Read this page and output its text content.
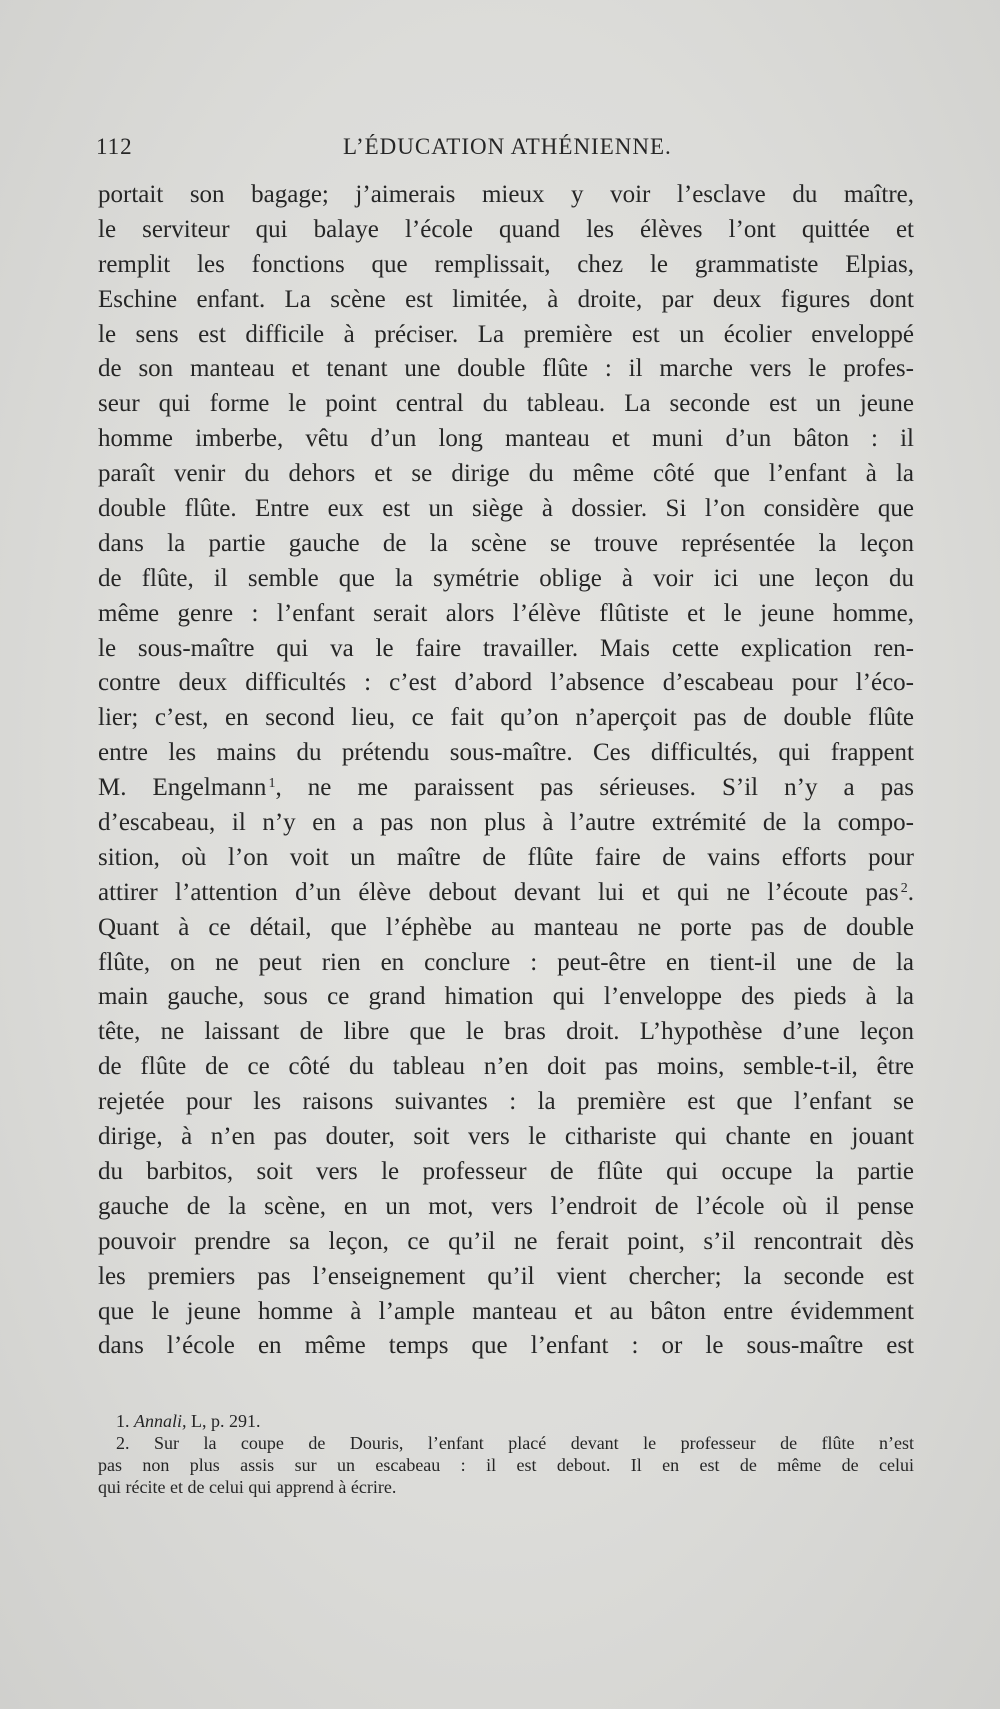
112	L’ÉDUCATION ATHÉNIENNE.
portait son bagage; j’aimerais mieux y voir l’esclave du maître,
le serviteur qui balaye l’école quand les élèves l’ont quittée et
remplit les fonctions que remplissait, chez le grammatiste Elpias,
Eschine enfant. La scène est limitée, à droite, par deux figures dont
le sens est difficile à préciser. La première est un écolier enveloppé
de son manteau et tenant une double flûte : il marche vers le profes-
seur qui forme le point central du tableau. La seconde est un jeune
homme imberbe, vêtu d’un long manteau et muni d’un bâton : il
paraît venir du dehors et se dirige du même côté que l’enfant à la
double flûte. Entre eux est un siège à dossier. Si l’on considère que
dans la partie gauche de la scène se trouve représentée la leçon
de flûte, il semble que la symétrie oblige à voir ici une leçon du
même genre : l’enfant serait alors l’élève flûtiste et le jeune homme,
le sous-maître qui va le faire travailler. Mais cette explication ren-
contre deux difficultés : c’est d’abord l’absence d’escabeau pour l’éco-
lier; c’est, en second lieu, ce fait qu’on n’aperçoit pas de double flûte
entre les mains du prétendu sous-maître. Ces difficultés, qui frappent
M. Engelmann  $^1$, ne me paraissent pas sérieuses. S’il n’y a pas
d’escabeau, il n’y en a pas non plus à l’autre extrémité de la compo-
sition, où l’on voit un maître de flûte faire de vains efforts pour
attirer l’attention d’un élève debout devant lui et qui ne l’écoute pas  $^2$.
Quant à ce détail, que l’éphèbe au manteau ne porte pas de double
flûte, on ne peut rien en conclure : peut-être en tient-il une de la
main gauche, sous ce grand himation qui l’enveloppe des pieds à la
tête, ne laissant de libre que le bras droit. L’hypothèse d’une leçon
de flûte de ce côté du tableau n’en doit pas moins, semble-t-il, être
rejetée pour les raisons suivantes : la première est que l’enfant se
dirige, à n’en pas douter, soit vers le cithariste qui chante en jouant
du barbitos, soit vers le professeur de flûte qui occupe la partie
gauche de la scène, en un mot, vers l’endroit de l’école où il pense
pouvoir prendre sa leçon, ce qu’il ne ferait point, s’il rencontrait dès
les premiers pas l’enseignement qu’il vient chercher; la seconde est
que le jeune homme à l’ample manteau et au bâton entre évidemment
dans l’école en même temps que l’enfant : or le sous-maître est
1. Annali, L, p. 291.
2. Sur la coupe de Douris, l’enfant placé devant le professeur de flûte n’est
pas non plus assis sur un escabeau : il est debout. Il en est de même de celui
qui récite et de celui qui apprend à écrire.
